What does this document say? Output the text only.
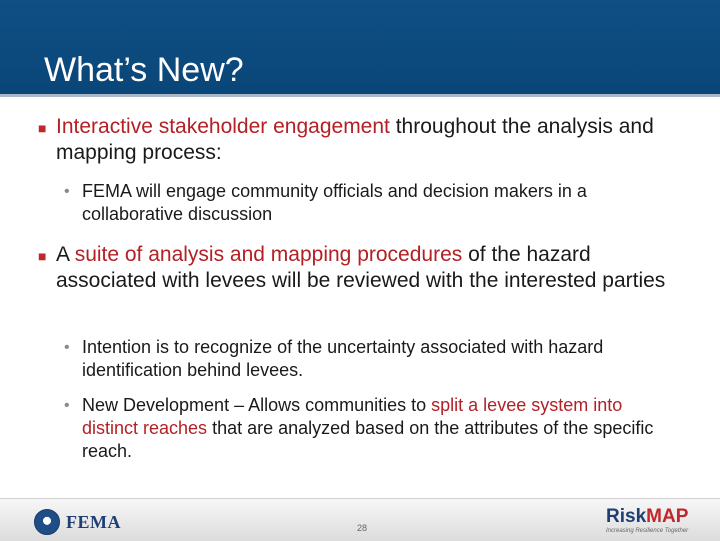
What’s New?
■ Interactive stakeholder engagement throughout the analysis and mapping process:
• FEMA will engage community officials and decision makers in a collaborative discussion
■ A suite of analysis and mapping procedures of the hazard associated with levees will be reviewed with the interested parties
• Intention is to recognize of the uncertainty associated with hazard identification behind levees.
• New Development – Allows communities to split a levee system into distinct reaches that are analyzed based on the attributes of the specific reach.
FEMA	28
RiskMAP
Increasing Resilience Together
